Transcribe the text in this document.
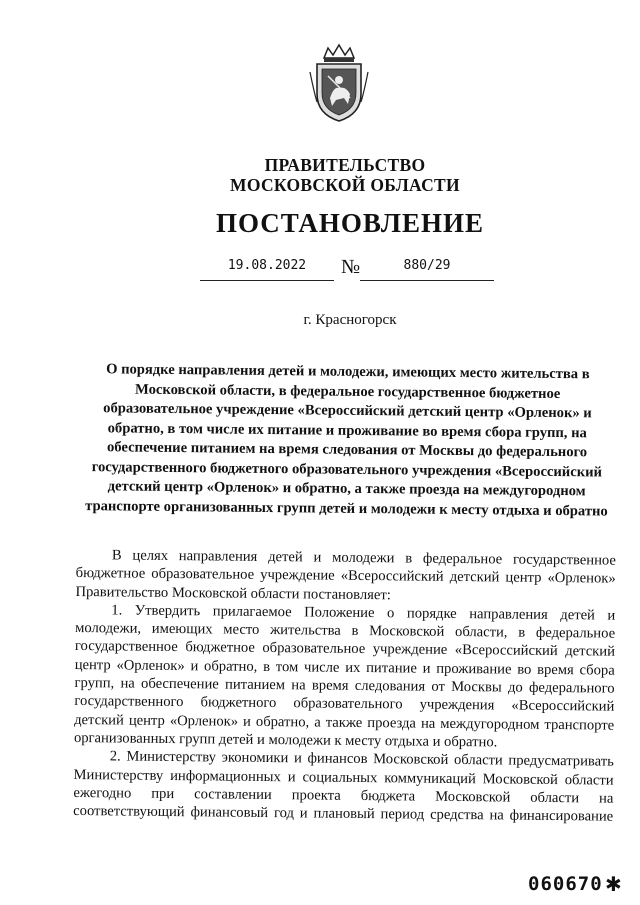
ПРАВИТЕЛЬСТВО
МОСКОВСКОЙ ОБЛАСТИ
ПОСТАНОВЛЕНИЕ
19.08.2022	№	880/29
г. Красногорск
О порядке направления детей и молодежи, имеющих место жительства в
Московской области, в федеральное государственное бюджетное
образовательное учреждение «Всероссийский детский центр «Орленок» и
обратно, в том числе их питание и проживание во время сбора групп, на
обеспечение питанием на время следования от Москвы до федерального
государственного бюджетного образовательного учреждения «Всероссийский
детский центр «Орленок» и обратно, а также проезда на междугородном
транспорте организованных групп детей и молодежи к месту отдыха и обратно
В целях направления детей и молодежи в федеральное государственное
бюджетное образовательное учреждение «Всероссийский детский центр «Орленок»
Правительство Московской области постановляет:
1. Утвердить прилагаемое Положение о порядке направления детей и
молодежи, имеющих место жительства в Московской области, в федеральное
государственное бюджетное образовательное учреждение «Всероссийский детский
центр «Орленок» и обратно, в том числе их питание и проживание во время сбора
групп, на обеспечение питанием на время следования от Москвы до федерального
государственного бюджетного образовательного учреждения «Всероссийский
детский центр «Орленок» и обратно, а также проезда на междугородном транспорте
организованных групп детей и молодежи к месту отдыха и обратно.
2. Министерству экономики и финансов Московской области предусматривать
Министерству информационных и социальных коммуникаций Московской области
ежегодно при составлении проекта бюджета Московской области на
соответствующий финансовый год и плановый период средства на финансирование
060670 ✱
